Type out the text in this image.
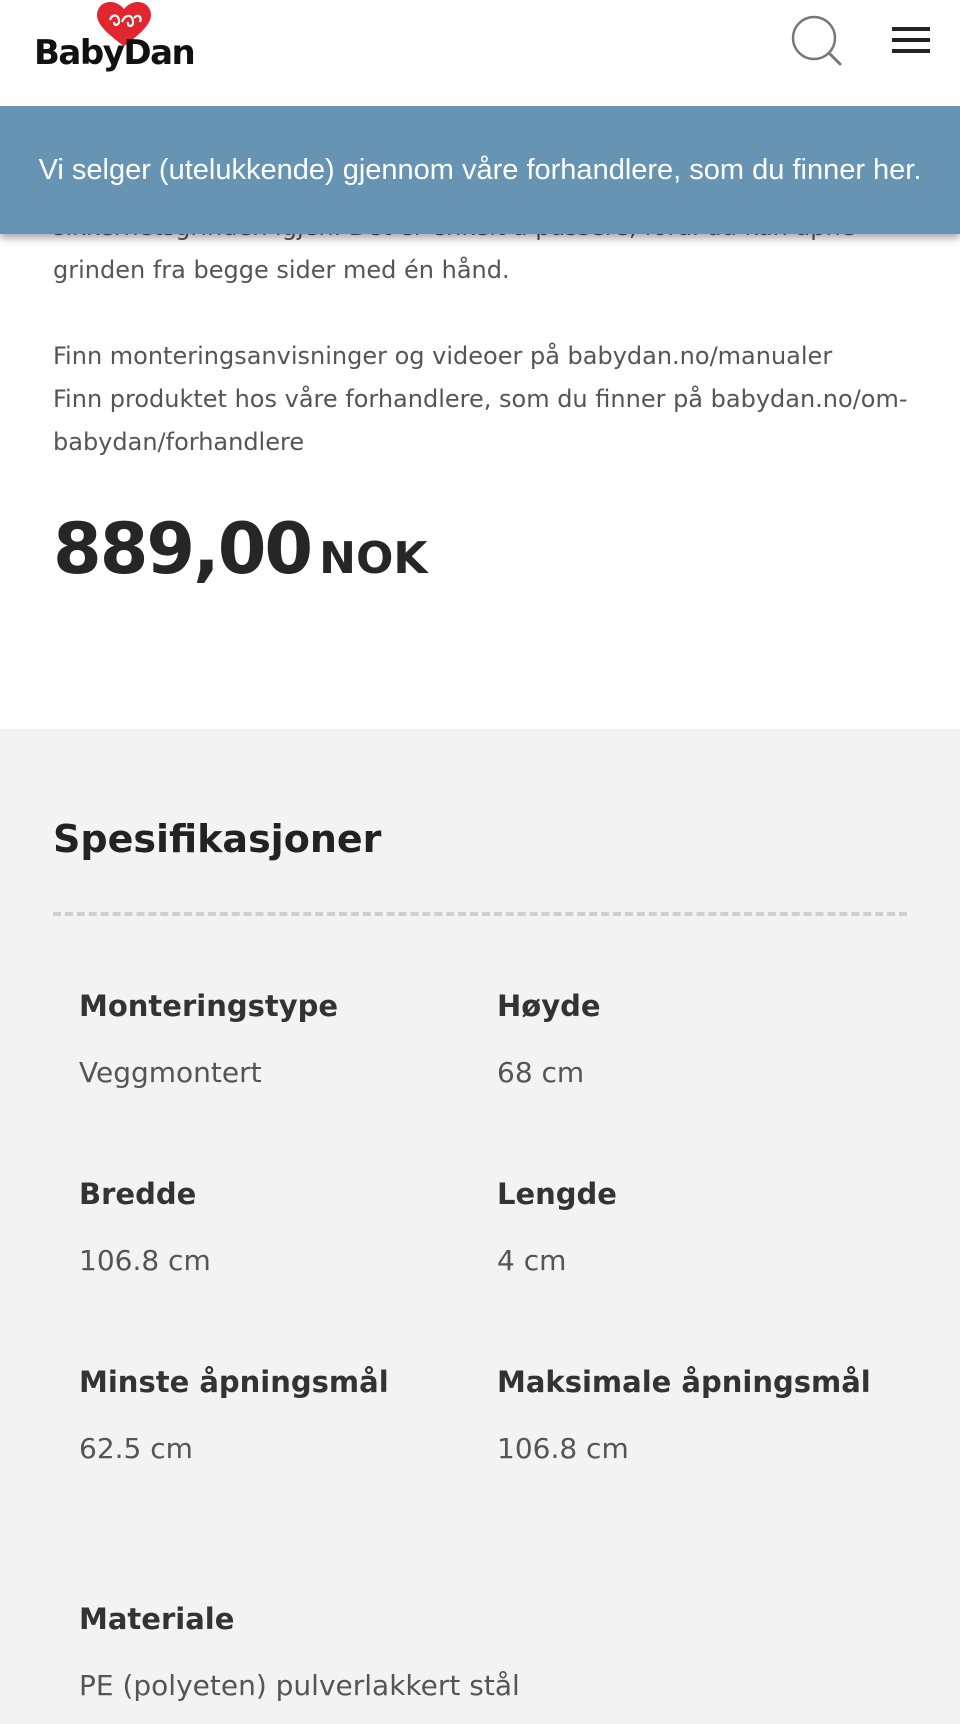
BabyDan
Vi selger (utelukkende) gjennom våre forhandlere, som du finner her.

grinden fra begge sider med én hånd.

Finn monteringsanvisninger og videoer på babydan.no/manualer

Finn produktet hos våre forhandlere, som du finner på babydan.no/om-

babydan/forhandlere

889,00 NOK
Spesifikasjoner
Monteringstype
Veggmontert
Høyde
68 cm
Bredde
106.8 cm
Lengde
4 cm
Minste åpningsmål
62.5 cm
Maksimale åpningsmål
106.8 cm
Materiale
PE (polyeten) pulverlakkert stål
